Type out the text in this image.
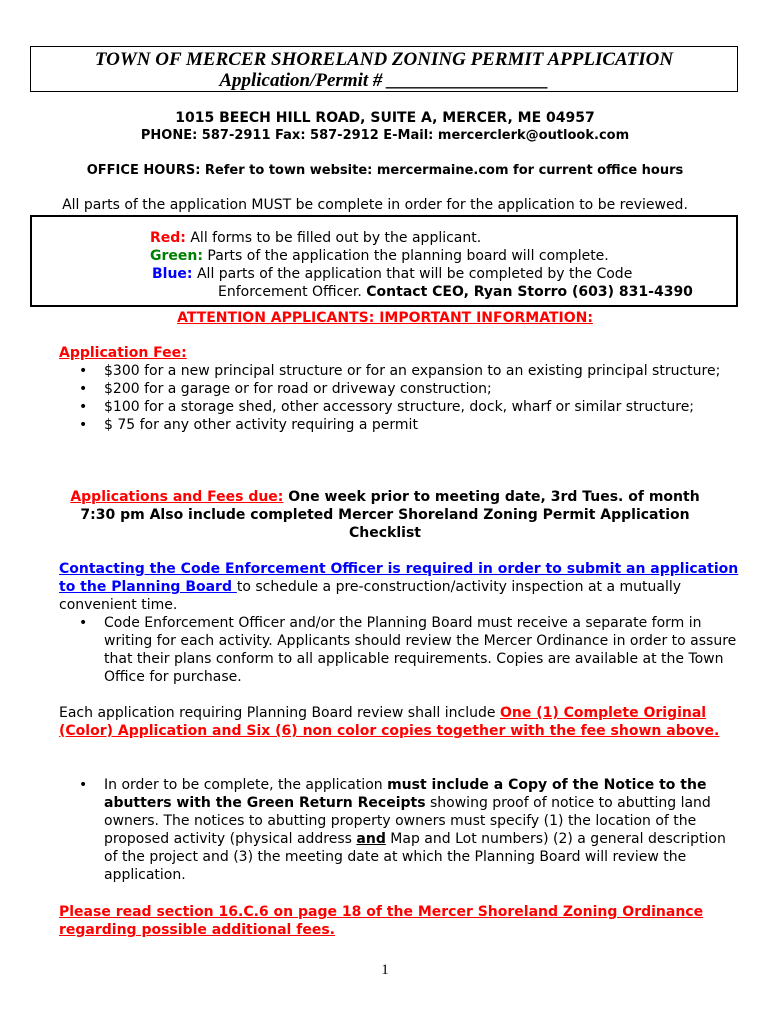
TOWN OF MERCER SHORELAND ZONING PERMIT APPLICATION
Application/Permit # _________________
1015 BEECH HILL ROAD, SUITE A, MERCER, ME 04957
PHONE: 587-2911 Fax: 587-2912 E-Mail: mercerclerk@outlook.com
OFFICE HOURS: Refer to town website: mercermaine.com for current office hours
All parts of the application MUST be complete in order for the application to be reviewed.
Red: All forms to be filled out by the applicant.
Green: Parts of the application the planning board will complete.
Blue: All parts of the application that will be completed by the Code
Enforcement Officer. Contact CEO, Ryan Storro (603) 831-4390
ATTENTION APPLICANTS: IMPORTANT INFORMATION:
Application Fee:
• $300 for a new principal structure or for an expansion to an existing principal structure;
• $200 for a garage or for road or driveway construction;
• $100 for a storage shed, other accessory structure, dock, wharf or similar structure;
• $ 75 for any other activity requiring a permit
Applications and Fees due: One week prior to meeting date, 3rd Tues. of month
7:30 pm Also include completed Mercer Shoreland Zoning Permit Application
Checklist
Contacting the Code Enforcement Officer is required in order to submit an application to the Planning Board to schedule a pre-construction/activity inspection at a mutually convenient time.
• Code Enforcement Officer and/or the Planning Board must receive a separate form in writing for each activity. Applicants should review the Mercer Ordinance in order to assure that their plans conform to all applicable requirements. Copies are available at the Town Office for purchase.
Each application requiring Planning Board review shall include One (1) Complete Original (Color) Application and Six (6) non color copies together with the fee shown above.
• In order to be complete, the application must include a Copy of the Notice to the abutters with the Green Return Receipts showing proof of notice to abutting land owners. The notices to abutting property owners must specify (1) the location of the proposed activity (physical address and Map and Lot numbers) (2) a general description of the project and (3) the meeting date at which the Planning Board will review the application.
Please read section 16.C.6 on page 18 of the Mercer Shoreland Zoning Ordinance regarding possible additional fees.
1
